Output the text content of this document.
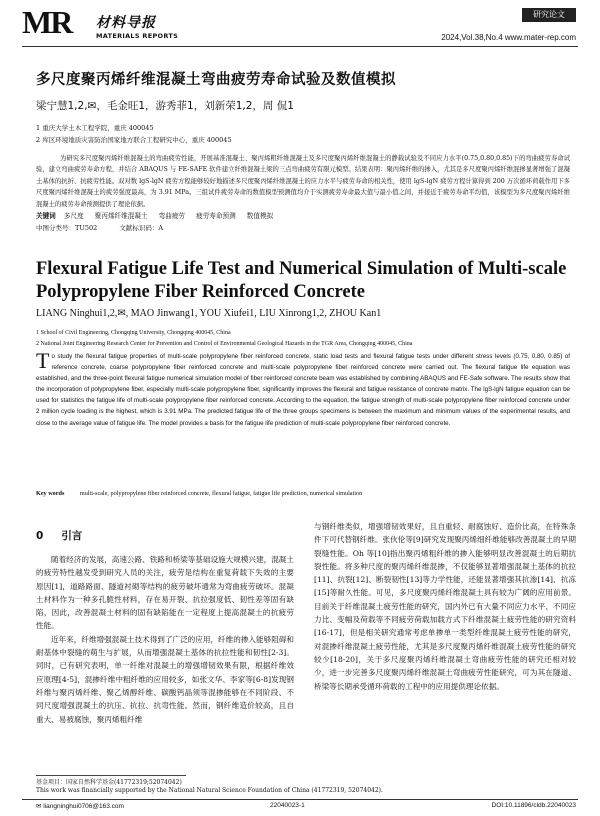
MR 材料导报
MATERIALS REPORTS
研究论文
2024,Vol.38,No.4 www.mater-rep.com
多尺度聚丙烯纤维混凝土弯曲疲劳寿命试验及数值模拟
梁宁慧1,2,✉，毛金旺1，游秀菲1，刘新荣1,2，周 侃1
1 重庆大学土木工程学院，重庆 400045
2 库区环境地质灾害防治国家地方联合工程研究中心，重庆 400045
为研究多尺度聚丙烯纤维混凝土的弯曲疲劳性能，开展基准混凝土、聚丙烯粗纤维混凝土及多尺度聚丙烯纤维混凝土的静载试验及不同应力水平(0.75,0.80,0.85)下的弯曲疲劳寿命试验，建立弯曲疲劳寿命方程，并结合 ABAQUS 与 FE-SAFE 软件建立纤维混凝土梁的三点弯曲疲劳有限元模型。结果表明：聚丙烯纤维的掺入，尤其是多尺度聚丙烯纤维混掺显著增强了混凝土基体的抗折、抗疲劳性能。双对数 lgS-lgN 疲劳方程能够较好地描述多尺度聚丙烯纤维混凝土的应力水平与疲劳寿命的相关性，使用 lgS-lgN 疲劳方程计算得到 200 万次循环荷载作用下多尺度聚丙烯纤维混凝土的疲劳强度最高，为 3.91 MPa。三组试件疲劳寿命的数值模型预测值均介于实测疲劳寿命最大值与最小值之间，并接近于疲劳寿命平均值，该模型为多尺度聚丙烯纤维混凝土的疲劳寿命预测提供了理论依据。
关键词 多尺度 聚丙烯纤维混凝土 弯曲疲劳 疲劳寿命预测 数值模拟
中图分类号：TU502	文献标识码：A
Flexural Fatigue Life Test and Numerical Simulation of Multi-scale Polypropylene Fiber Reinforced Concrete
LIANG Ninghui1,2,✉, MAO Jinwang1, YOU Xiufei1, LIU Xinrong1,2, ZHOU Kan1
1 School of Civil Engineering, Chongqing University, Chongqing 400045, China
2 National Joint Engineering Research Center for Prevention and Control of Environmental Geological Hazards in the TGR Area, Chongqing 400045, China
T o study the flexural fatigue properties of multi-scale polypropylene fiber reinforced concrete, static load tests and flexural fatigue tests under different stress levels (0.75, 0.80, 0.85) of reference concrete, coarse polypropylene fiber reinforced concrete and multi-scale polypropylene fiber reinforced concrete were carried out. The flexural fatigue life equation was established, and the three-point flexural fatigue numerical simulation model of fiber reinforced concrete beam was established by combining ABAQUS and FE-Safe software. The results show that the incorporation of polypropylene fiber, especially multi-scale polypropylene fiber, significantly improves the flexural and fatigue resistance of concrete matrix. The lgS-lgN fatigue equation can be used for statistics the fatigue life of multi-scale polypropylene fiber reinforced concrete. According to the equation, the fatigue strength of multi-scale polypropylene fiber reinforced concrete under 2 million cycle loading is the highest, which is 3.91 MPa. The predicted fatigue life of the three groups specimens is between the maximum and minimum values of the experimental results, and close to the average value of fatigue life. The model provides a basis for the fatigue life prediction of multi-scale polypropylene fiber reinforced concrete.
Key words	multi-scale, polypropylene fiber reinforced concrete, flexural fatigue, fatigue life prediction, numerical simulation
0 引言

随着经济的发展，高速公路、铁路和桥梁等基础设施大规模兴建，混凝土的疲劳特性越发受到研究人员的关注，疲劳是结构在重复荷载下失效的主要原因[1]，道路路面、隧道衬砌等结构的疲劳破坏通常为弯曲疲劳破坏。混凝土材料作为一种多孔脆性材料，存在易开裂、抗拉强度低、韧性差等固有缺陷，因此，改善混凝土材料的固有缺陷能在一定程度上提高混凝土的抗疲劳性能。

近年来，纤维增强混凝土技术得到了广泛的应用，纤维的掺入能够阻碍和耐基体中裂缝的萌生与扩展，从而增强混凝土基体的抗拉性能和韧性[2-3]。同时，已有研究表明，单一纤维对混凝土的增强增韧效果有限，根据纤维效应原理[4-5]，混掺纤维中粗纤维的应用较多，如张文华、李家等[6-8]发现钢纤维与聚丙烯纤维、聚乙烯醇纤维、碳酸钙晶须等混掺能够在不同阶段、不同尺度增强混凝土的抗压、抗拉、抗弯性能。然而，钢纤维造价较高，且自重大、易被腐蚀，聚丙烯粗纤维

与钢纤维类似，增强增韧效果好，且自重轻、耐腐蚀好、造价比高，在特殊条件下可代替钢纤维。张伙伦等[9]研究发现聚丙烯细纤维能够改善混凝土的早期裂缝性能。Oh 等[10]指出聚丙烯粗纤维的掺入能够明显改善混凝土的后期抗裂性能。将多种尺度的聚丙烯纤维混掺，不仅能够显著增强混凝土基体的抗拉[11]、抗裂[12]、断裂韧性[13]等力学性能，还能显著增强其抗渗[14]、抗冻[15]等耐久性能。可见，多尺度聚丙烯纤维混凝土具有较为广阔的应用前景。目前关于纤维混凝土疲劳性能的研究，国内外已有大量不同应力水平、不同应力比、变幅及荷载等不同疲劳荷载加载方式下纤维混凝土疲劳性能的研究资料[16-17]，但是相关研究通常考虑单掺单一类型纤维混凝土疲劳性能的研究，对混掺纤维混凝土疲劳性能，尤其是多尺度聚丙烯纤维混凝土疲劳性能的研究较少[18-20]，关于多尺度聚丙烯纤维混凝土弯曲疲劳性能的研究还相对较少，进一步完善多尺度聚丙烯纤维混凝土弯曲疲劳性能研究，可为其在隧道、桥梁等长期承受循环荷载的工程中的应用提供理论依据。

基金项目：国家自然科学基金(41772319;52074042)
This work was financially supported by the National Natural Science Foundation of China (41772319, 52074042).
✉ liangninghui0706@163.com	22040023-1	DOI:10.11896/cldb.22040023
